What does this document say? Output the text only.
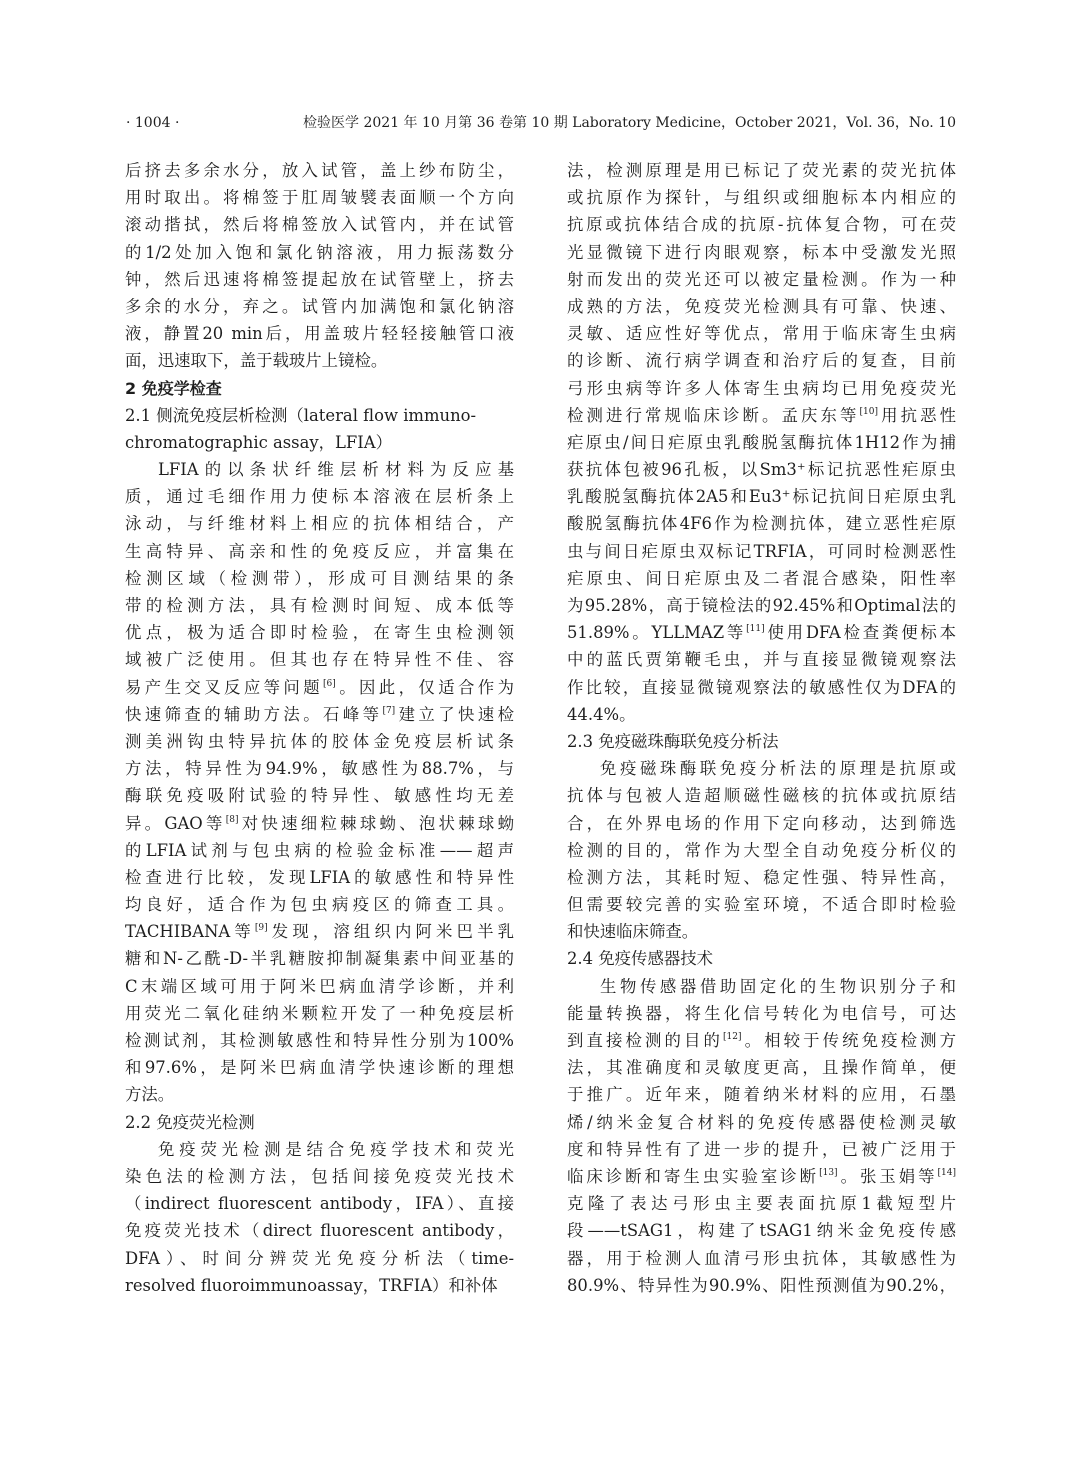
· 1004 ·	检验医学 2021 年 10 月第 36 卷第 10 期 Laboratory Medicine，October 2021，Vol. 36，No. 10
后挤去多余水分，放入试管，盖上纱布防尘，
用时取出。将棉签于肛周皱襞表面顺一个方向
滚动揩拭，然后将棉签放入试管内，并在试管
的1/2处加入饱和氯化钠溶液，用力振荡数分
钟，然后迅速将棉签提起放在试管壁上，挤去
多余的水分，弃之。试管内加满饱和氯化钠溶
液，静置20 min后，用盖玻片轻轻接触管口液
面，迅速取下，盖于载玻片上镜检。
2 免疫学检查
2.1 侧流免疫层析检测（lateral flow immuno-
chromatographic assay，LFIA）
LFIA的以条状纤维层析材料为反应基
质，通过毛细作用力使标本溶液在层析条上
泳动，与纤维材料上相应的抗体相结合，产
生高特异、高亲和性的免疫反应，并富集在
检测区域（检测带），形成可目测结果的条
带的检测方法，具有检测时间短、成本低等
优点，极为适合即时检验，在寄生虫检测领
域被广泛使用。但其也存在特异性不佳、容
易产生交叉反应等问题[6]。因此，仅适合作为
快速筛查的辅助方法。石峰等[7]建立了快速检
测美洲钩虫特异抗体的胶体金免疫层析试条
方法，特异性为94.9%，敏感性为88.7%，与
酶联免疫吸附试验的特异性、敏感性均无差
异。GAO等[8]对快速细粒棘球蚴、泡状棘球蚴
的LFIA试剂与包虫病的检验金标准——超声
检查进行比较，发现LFIA的敏感性和特异性
均良好，适合作为包虫病疫区的筛查工具。
TACHIBANA等[9]发现，溶组织内阿米巴半乳
糖和N-乙酰-D-半乳糖胺抑制凝集素中间亚基的
C末端区域可用于阿米巴病血清学诊断，并利
用荧光二氧化硅纳米颗粒开发了一种免疫层析
检测试剂，其检测敏感性和特异性分别为100%
和97.6%，是阿米巴病血清学快速诊断的理想
方法。
2.2 免疫荧光检测
免疫荧光检测是结合免疫学技术和荧光
染色法的检测方法，包括间接免疫荧光技术
（indirect fluorescent antibody，IFA）、直接
免疫荧光技术（direct fluorescent antibody，
DFA）、时间分辨荧光免疫分析法（time-
resolved fluoroimmunoassay，TRFIA）和补体
法，检测原理是用已标记了荧光素的荧光抗体
或抗原作为探针，与组织或细胞标本内相应的
抗原或抗体结合成的抗原-抗体复合物，可在荧
光显微镜下进行肉眼观察，标本中受激发光照
射而发出的荧光还可以被定量检测。作为一种
成熟的方法，免疫荧光检测具有可靠、快速、
灵敏、适应性好等优点，常用于临床寄生虫病
的诊断、流行病学调查和治疗后的复查，目前
弓形虫病等许多人体寄生虫病均已用免疫荧光
检测进行常规临床诊断。孟庆东等[10]用抗恶性
疟原虫/间日疟原虫乳酸脱氢酶抗体1H12作为捕
获抗体包被96孔板，以Sm3⁺标记抗恶性疟原虫
乳酸脱氢酶抗体2A5和Eu3⁺标记抗间日疟原虫乳
酸脱氢酶抗体4F6作为检测抗体，建立恶性疟原
虫与间日疟原虫双标记TRFIA，可同时检测恶性
疟原虫、间日疟原虫及二者混合感染，阳性率
为95.28%，高于镜检法的92.45%和Optimal法的
51.89%。YLLMAZ等[11]使用DFA检查粪便标本
中的蓝氏贾第鞭毛虫，并与直接显微镜观察法
作比较，直接显微镜观察法的敏感性仅为DFA的
44.4%。
2.3 免疫磁珠酶联免疫分析法
免疫磁珠酶联免疫分析法的原理是抗原或
抗体与包被人造超顺磁性磁核的抗体或抗原结
合，在外界电场的作用下定向移动，达到筛选
检测的目的，常作为大型全自动免疫分析仪的
检测方法，其耗时短、稳定性强、特异性高，
但需要较完善的实验室环境，不适合即时检验
和快速临床筛查。
2.4 免疫传感器技术
生物传感器借助固定化的生物识别分子和
能量转换器，将生化信号转化为电信号，可达
到直接检测的目的[12]。相较于传统免疫检测方
法，其准确度和灵敏度更高，且操作简单，便
于推广。近年来，随着纳米材料的应用，石墨
烯/纳米金复合材料的免疫传感器使检测灵敏
度和特异性有了进一步的提升，已被广泛用于
临床诊断和寄生虫实验室诊断[13]。张玉娟等[14]
克隆了表达弓形虫主要表面抗原1截短型片
段——tSAG1，构建了tSAG1纳米金免疫传感
器，用于检测人血清弓形虫抗体，其敏感性为
80.9%、特异性为90.9%、阳性预测值为90.2%，
